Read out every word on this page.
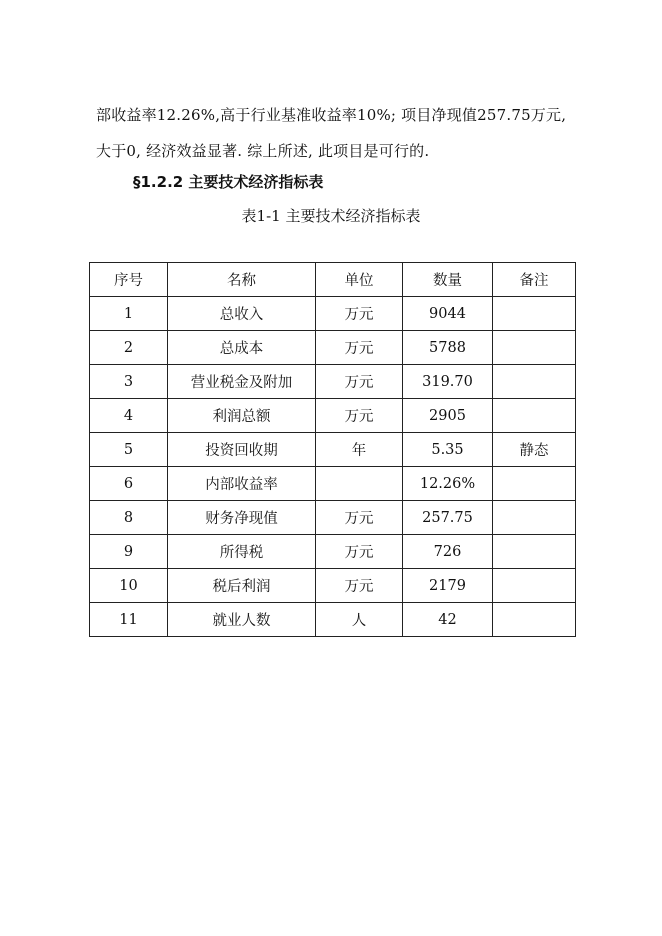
部收益率12.26%,高于行业基准收益率10%; 项目净现值257.75万元,
大于0, 经济效益显著. 综上所述, 此项目是可行的.
§1.2.2 主要技术经济指标表
表1-1 主要技术经济指标表
序号	名称	单位	数量	备注
1	总收入	万元	9044	
2	总成本	万元	5788	
3	营业税金及附加	万元	319.70	
4	利润总额	万元	2905	
5	投资回收期	年	5.35	静态
6	内部收益率		12.26%	
8	财务净现值	万元	257.75	
9	所得税	万元	726	
10	税后利润	万元	2179	
11	就业人数	人	42	
